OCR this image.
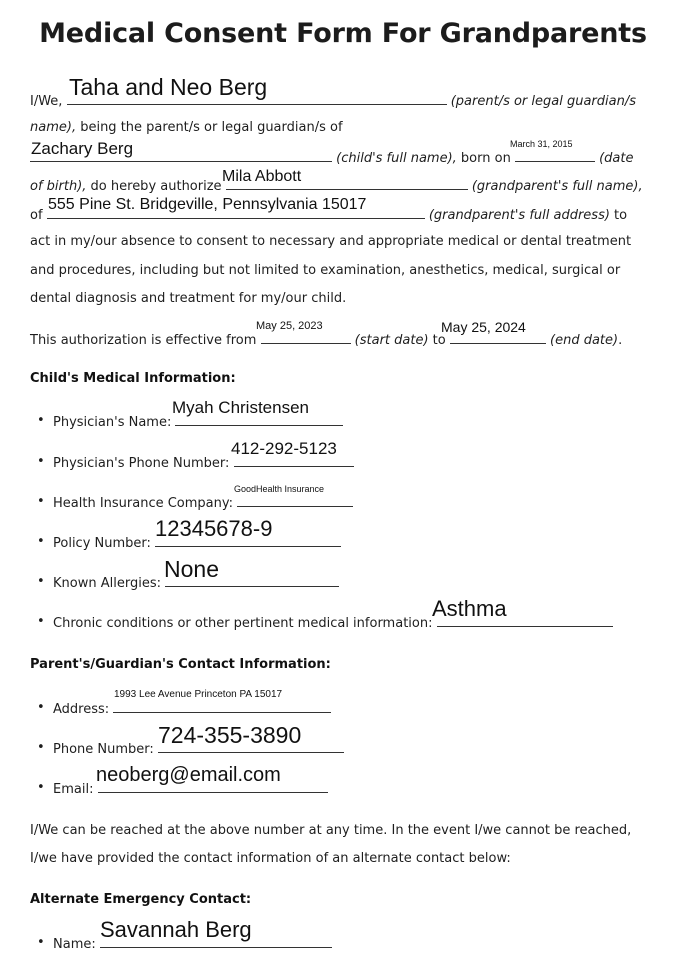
Medical Consent Form For Grandparents
I/We,	(parent/s or legal guardian/s
Taha and Neo Berg
name), being the parent/s or legal guardian/s of
(child's full name), born on	(date
Zachary Berg	March 31, 2015
of birth), do hereby authorize	(grandparent's full name),
Mila Abbott
of	(grandparent's full address) to
555 Pine St. Bridgeville, Pennsylvania 15017
act in my/our absence to consent to necessary and appropriate medical or dental treatment
and procedures, including but not limited to examination, anesthetics, medical, surgical or
dental diagnosis and treatment for my/our child.
This authorization is effective from	(start date) to	(end date).
May 25, 2023	May 25, 2024
Child's Medical Information:
• Physician's Name:
Myah Christensen
• Physician's Phone Number:
412-292-5123
• Health Insurance Company:
GoodHealth Insurance
• Policy Number:
12345678-9
• Known Allergies:
None
• Chronic conditions or other pertinent medical information:
Asthma
Parent's/Guardian's Contact Information:
• Address:
1993 Lee Avenue Princeton PA 15017
• Phone Number:
724-355-3890
• Email:
neoberg@email.com
I/We can be reached at the above number at any time. In the event I/we cannot be reached,
I/we have provided the contact information of an alternate contact below:
Alternate Emergency Contact:
• Name:
Savannah Berg
